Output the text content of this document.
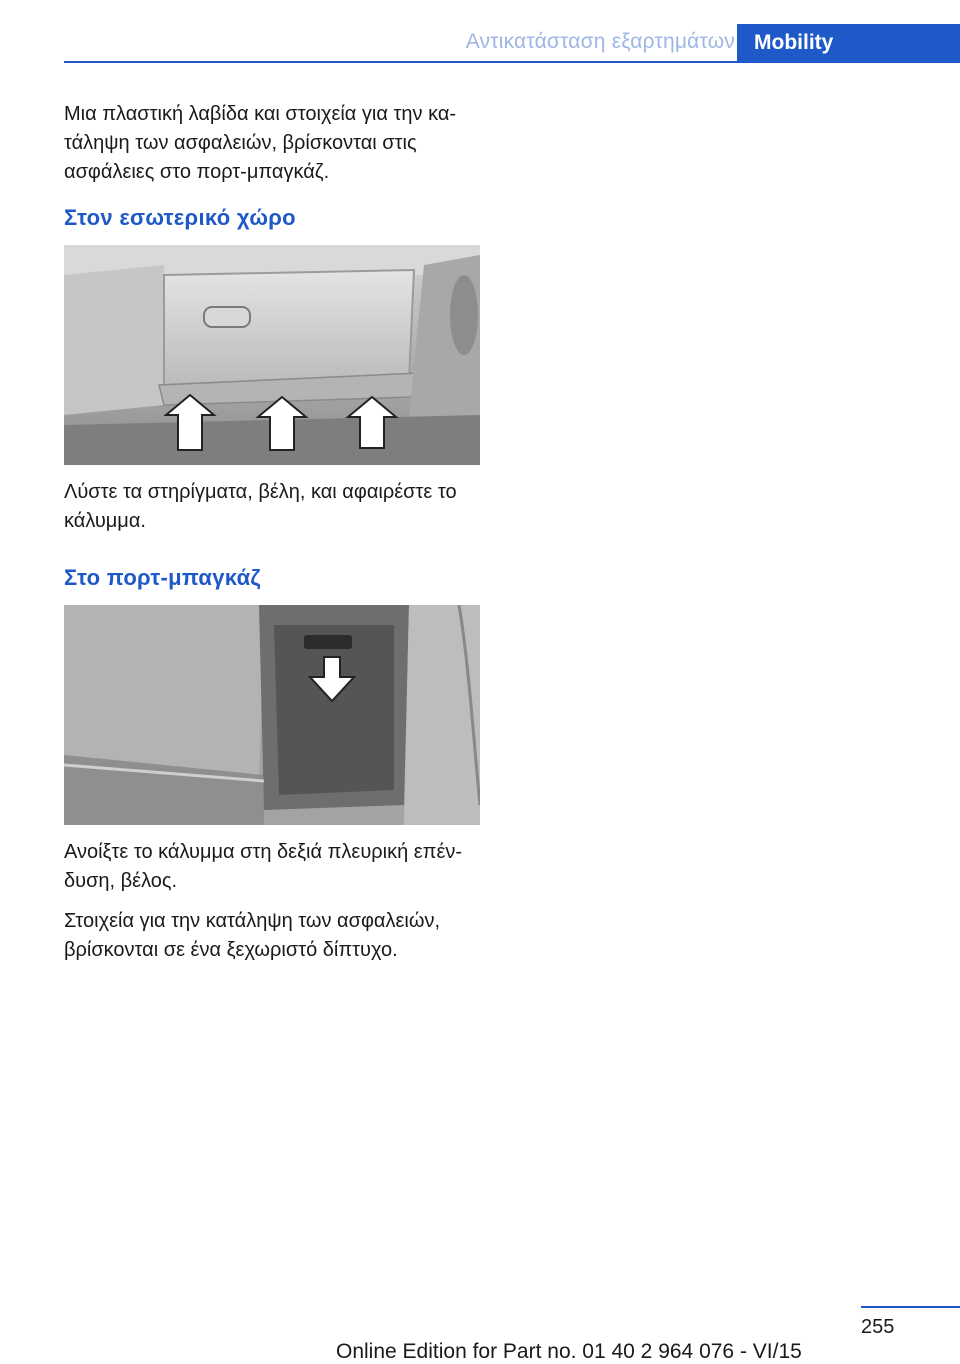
Αντικατάσταση εξαρτημάτων Mobility
Μια πλαστική λαβίδα και στοιχεία για την κα‐
τάληψη των ασφαλειών, βρίσκονται στις
ασφάλειες στο πορτ-μπαγκάζ.
Στον εσωτερικό χώρο
Λύστε τα στηρίγματα, βέλη, και αφαιρέστε το
κάλυμμα.
Στο πορτ-μπαγκάζ
Ανοίξτε το κάλυμμα στη δεξιά πλευρική επέν‐
δυση, βέλος.
Στοιχεία για την κατάληψη των ασφαλειών,
βρίσκονται σε ένα ξεχωριστό δίπτυχο.
255
Online Edition for Part no. 01 40 2 964 076 - VI/15
